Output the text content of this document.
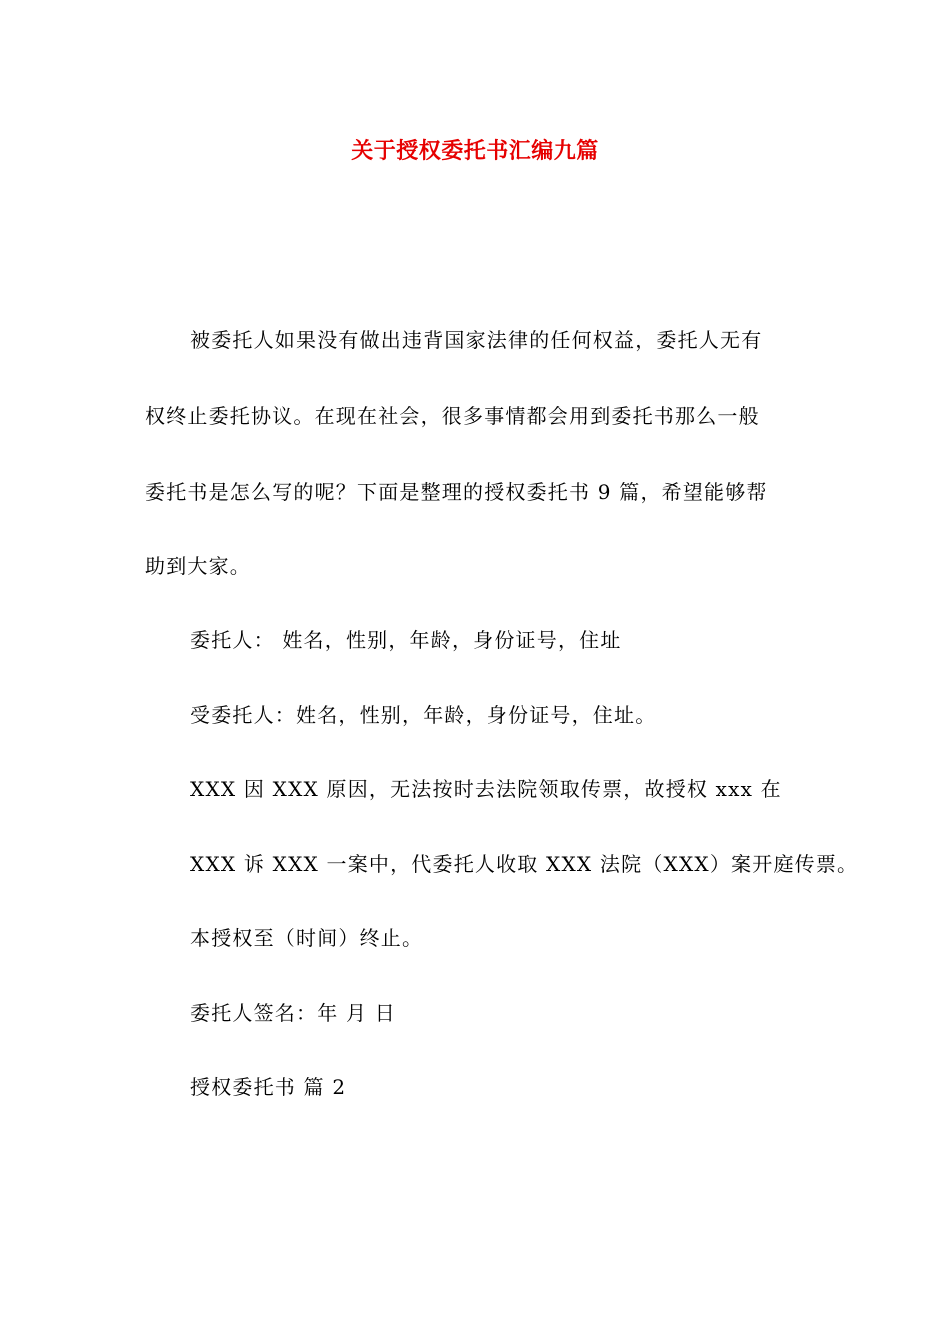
关于授权委托书汇编九篇
被委托人如果没有做出违背国家法律的任何权益，委托人无有
权终止委托协议。在现在社会，很多事情都会用到委托书那么一般
委托书是怎么写的呢？下面是整理的授权委托书 9 篇，希望能够帮
助到大家。
委托人： 姓名，性别，年龄，身份证号，住址
受委托人：姓名，性别，年龄，身份证号，住址。
XXX 因 XXX 原因，无法按时去法院领取传票，故授权 xxx 在
XXX 诉 XXX 一案中，代委托人收取 XXX 法院（XXX）案开庭传票。
本授权至（时间）终止。
委托人签名：年 月 日
授权委托书 篇 2
